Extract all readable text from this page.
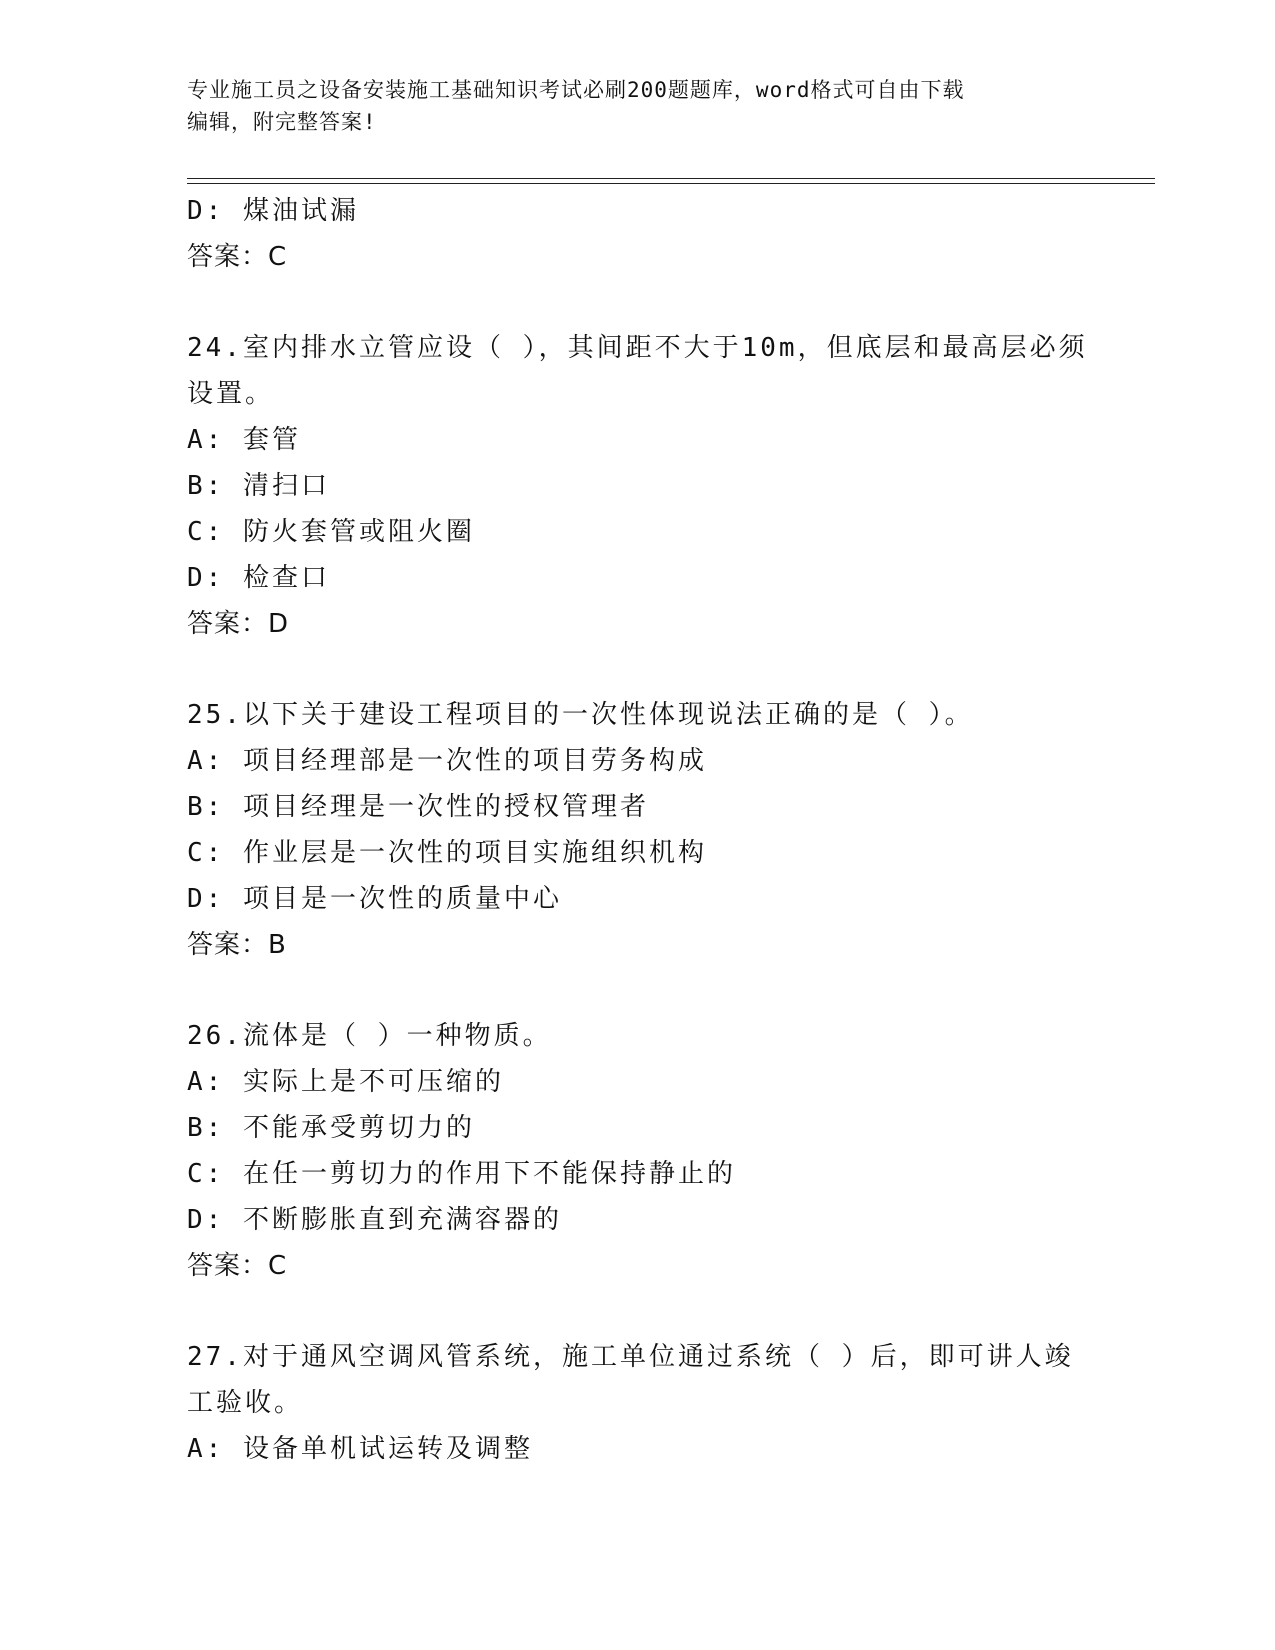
专业施工员之设备安装施工基础知识考试必刷200题题库，word格式可自由下载
编辑，附完整答案!
D: 煤油试漏
答案：C
24.室内排水立管应设（ ），其间距不大于10m，但底层和最高层必须
设置。
A: 套管
B: 清扫口
C: 防火套管或阻火圈
D: 检查口
答案：D
25.以下关于建设工程项目的一次性体现说法正确的是（ ）。
A: 项目经理部是一次性的项目劳务构成
B: 项目经理是一次性的授权管理者
C: 作业层是一次性的项目实施组织机构
D: 项目是一次性的质量中心
答案：B
26.流体是（ ）一种物质。
A: 实际上是不可压缩的
B: 不能承受剪切力的
C: 在任一剪切力的作用下不能保持静止的
D: 不断膨胀直到充满容器的
答案：C
27.对于通风空调风管系统，施工单位通过系统（ ）后，即可讲人竣
工验收。
A: 设备单机试运转及调整
